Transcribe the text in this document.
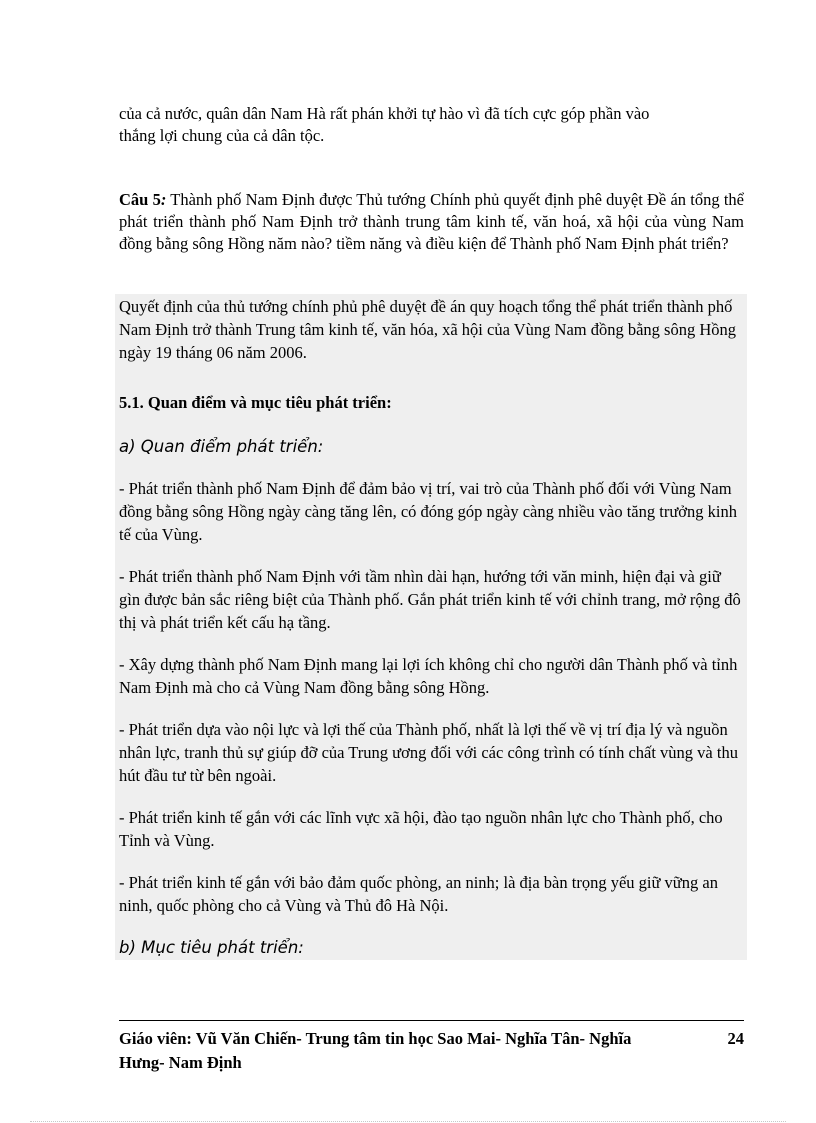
của cả nước, quân dân Nam Hà rất phán khởi tự hào vì đã tích cực góp phần vào
thắng lợi chung của cả dân tộc.

Câu 5: Thành phố Nam Định được Thủ tướng Chính phủ quyết định phê duyệt Đề án tổng thể phát triển thành phố Nam Định trở thành trung tâm kinh tế, văn hoá, xã hội của vùng Nam đồng bằng sông Hồng năm nào? tiềm năng và điều kiện để Thành phố Nam Định phát triển?

Quyết định của thủ tướng chính phủ phê duyệt đề án quy hoạch tổng thể phát triển thành phố Nam Định trở thành Trung tâm kinh tế, văn hóa, xã hội của Vùng Nam đồng bằng sông Hồng ngày 19 tháng 06 năm 2006.

5.1. Quan điểm và mục tiêu phát triển:

a) Quan điểm phát triển:

- Phát triển thành phố Nam Định để đảm bảo vị trí, vai trò của Thành phố đối với Vùng Nam đồng bằng sông Hồng ngày càng tăng lên, có đóng góp ngày càng nhiều vào tăng trưởng kinh tế của Vùng.

- Phát triển thành phố Nam Định với tầm nhìn dài hạn, hướng tới văn minh, hiện đại và giữ gìn được bản sắc riêng biệt của Thành phố. Gắn phát triển kinh tế với chỉnh trang, mở rộng đô thị và phát triển kết cấu hạ tầng.

- Xây dựng thành phố Nam Định mang lại lợi ích không chỉ cho người dân Thành phố và tỉnh Nam Định mà cho cả Vùng Nam đồng bằng sông Hồng.

- Phát triển dựa vào nội lực và lợi thế của Thành phố, nhất là lợi thế về vị trí địa lý và nguồn nhân lực, tranh thủ sự giúp đỡ của Trung ương đối với các công trình có tính chất vùng và thu hút đầu tư từ bên ngoài.

- Phát triển kinh tế gắn với các lĩnh vực xã hội, đào tạo nguồn nhân lực cho Thành phố, cho Tỉnh và Vùng.

- Phát triển kinh tế gắn với bảo đảm quốc phòng, an ninh; là địa bàn trọng yếu giữ vững an ninh, quốc phòng cho cả Vùng và Thủ đô Hà Nội.

b) Mục tiêu phát triển:

Giáo viên: Vũ Văn Chiến- Trung tâm tin học Sao Mai- Nghĩa Tân- Nghĩa	24
Hưng- Nam Định
